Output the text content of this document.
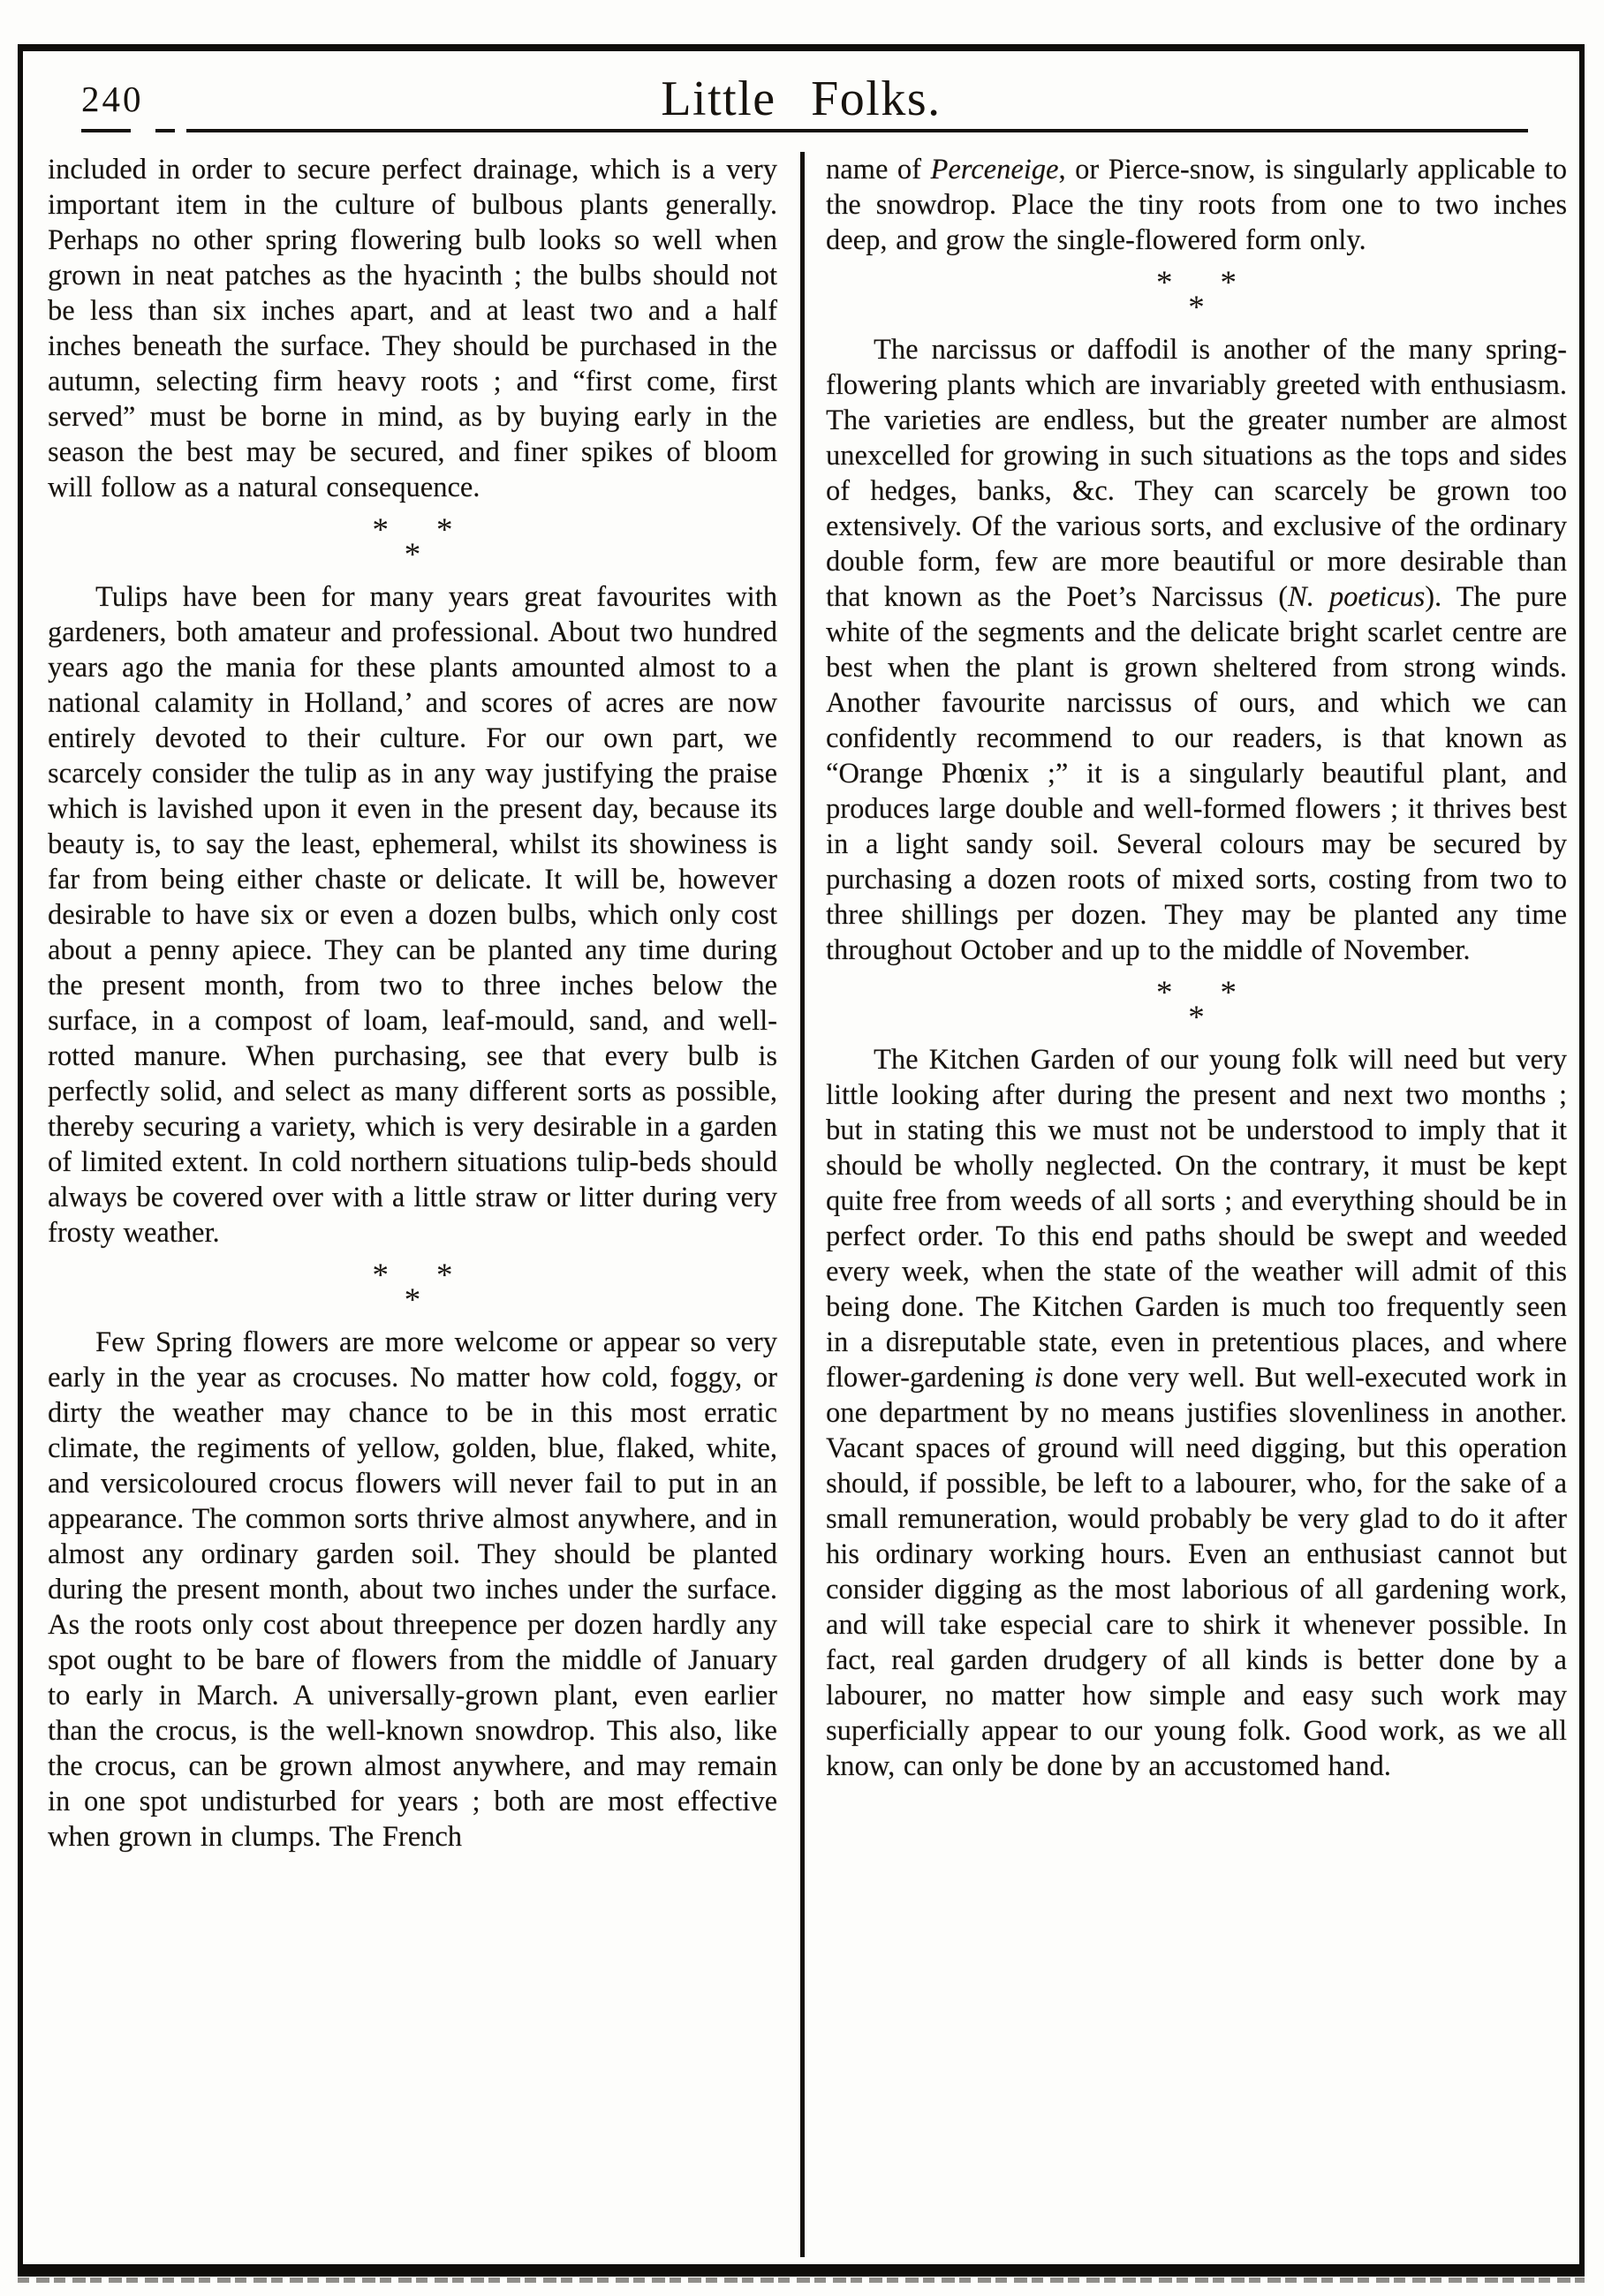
240	Little Folks.

included in order to secure perfect drainage, which is a very important item in the culture of bulbous plants generally. Perhaps no other spring flowering bulb looks so well when grown in neat patches as the hyacinth ; the bulbs should not be less than six inches apart, and at least two and a half inches beneath the surface. They should be purchased in the autumn, selecting firm heavy roots ; and “first come, first served” must be borne in mind, as by buying early in the season the best may be secured, and finer spikes of bloom will follow as a natural consequence.

* *
*

Tulips have been for many years great favourites with gardeners, both amateur and professional. About two hundred years ago the mania for these plants amounted almost to a national calamity in Holland,’ and scores of acres are now entirely devoted to their culture. For our own part, we scarcely consider the tulip as in any way justifying the praise which is lavished upon it even in the present day, because its beauty is, to say the least, ephemeral, whilst its showiness is far from being either chaste or delicate. It will be, however desirable to have six or even a dozen bulbs, which only cost about a penny apiece. They can be planted any time during the present month, from two to three inches below the surface, in a compost of loam, leaf-mould, sand, and well-rotted manure. When purchasing, see that every bulb is perfectly solid, and select as many different sorts as possible, thereby securing a variety, which is very desirable in a garden of limited extent. In cold northern situations tulip-beds should always be covered over with a little straw or litter during very frosty weather.

* *
*

Few Spring flowers are more welcome or appear so very early in the year as crocuses. No matter how cold, foggy, or dirty the weather may chance to be in this most erratic climate, the regiments of yellow, golden, blue, flaked, white, and versicoloured crocus flowers will never fail to put in an appearance. The common sorts thrive almost anywhere, and in almost any ordinary garden soil. They should be planted during the present month, about two inches under the surface. As the roots only cost about threepence per dozen hardly any spot ought to be bare of flowers from the middle of January to early in March. A universally-grown plant, even earlier than the crocus, is the well-known snowdrop. This also, like the crocus, can be grown almost anywhere, and may remain in one spot undisturbed for years ; both are most effective when grown in clumps. The French

name of Perceneige, or Pierce-snow, is singularly applicable to the snowdrop. Place the tiny roots from one to two inches deep, and grow the single-flowered form only.

* *
*

The narcissus or daffodil is another of the many spring-flowering plants which are invariably greeted with enthusiasm. The varieties are endless, but the greater number are almost unexcelled for growing in such situations as the tops and sides of hedges, banks, &c. They can scarcely be grown too extensively. Of the various sorts, and exclusive of the ordinary double form, few are more beautiful or more desirable than that known as the Poet’s Narcissus (N. poeticus). The pure white of the segments and the delicate bright scarlet centre are best when the plant is grown sheltered from strong winds. Another favourite narcissus of ours, and which we can confidently recommend to our readers, is that known as “Orange Phœnix ;” it is a singularly beautiful plant, and produces large double and well-formed flowers ; it thrives best in a light sandy soil. Several colours may be secured by purchasing a dozen roots of mixed sorts, costing from two to three shillings per dozen. They may be planted any time throughout October and up to the middle of November.

* *
*

The Kitchen Garden of our young folk will need but very little looking after during the present and next two months ; but in stating this we must not be understood to imply that it should be wholly neglected. On the contrary, it must be kept quite free from weeds of all sorts ; and everything should be in perfect order. To this end paths should be swept and weeded every week, when the state of the weather will admit of this being done. The Kitchen Garden is much too frequently seen in a disreputable state, even in pretentious places, and where flower-gardening is done very well. But well-executed work in one department by no means justifies slovenliness in another. Vacant spaces of ground will need digging, but this operation should, if possible, be left to a labourer, who, for the sake of a small remuneration, would probably be very glad to do it after his ordinary working hours. Even an enthusiast cannot but consider digging as the most laborious of all gardening work, and will take especial care to shirk it whenever possible. In fact, real garden drudgery of all kinds is better done by a labourer, no matter how simple and easy such work may superficially appear to our young folk. Good work, as we all know, can only be done by an accustomed hand.
